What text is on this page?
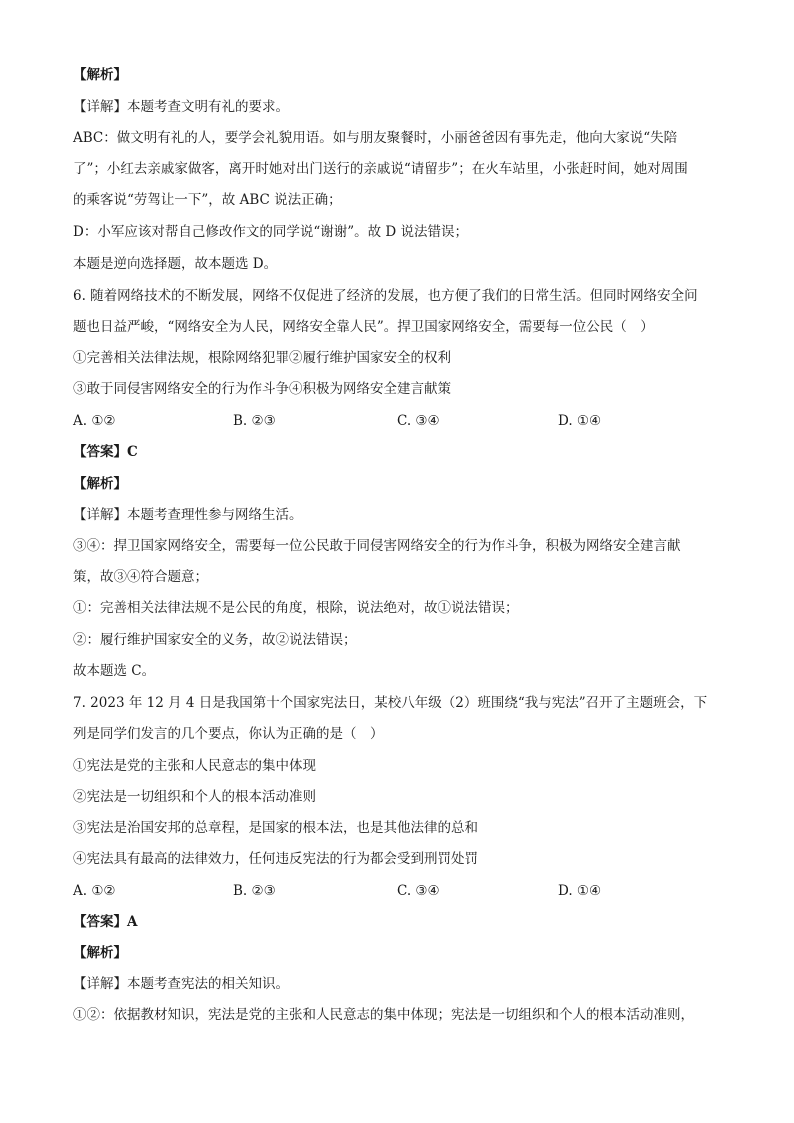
【解析】
【详解】本题考查文明有礼的要求。
ABC：做文明有礼的人，要学会礼貌用语。如与朋友聚餐时，小丽爸爸因有事先走，他向大家说“失陪
了”；小红去亲戚家做客，离开时她对出门送行的亲戚说“请留步”；在火车站里，小张赶时间，她对周围
的乘客说“劳驾让一下”，故 ABC 说法正确；
D：小军应该对帮自己修改作文的同学说“谢谢”。故 D 说法错误；
本题是逆向选择题，故本题选 D。
6. 随着网络技术的不断发展，网络不仅促进了经济的发展，也方便了我们的日常生活。但同时网络安全问
题也日益严峻，“网络安全为人民，网络安全靠人民”。捍卫国家网络安全，需要每一位公民（　）
①完善相关法律法规，根除网络犯罪②履行维护国家安全的权利
③敢于同侵害网络安全的行为作斗争④积极为网络安全建言献策
A. ①②	B. ②③	C. ③④	D. ①④
【答案】C
【解析】
【详解】本题考查理性参与网络生活。
③④：捍卫国家网络安全，需要每一位公民敢于同侵害网络安全的行为作斗争，积极为网络安全建言献
策，故③④符合题意；
①：完善相关法律法规不是公民的角度，根除，说法绝对，故①说法错误；
②：履行维护国家安全的义务，故②说法错误；
故本题选 C。
7. 2023 年 12 月 4 日是我国第十个国家宪法日，某校八年级（2）班围绕“我与宪法”召开了主题班会，下
列是同学们发言的几个要点，你认为正确的是（　）
①宪法是党的主张和人民意志的集中体现
②宪法是一切组织和个人的根本活动准则
③宪法是治国安邦的总章程，是国家的根本法，也是其他法律的总和
④宪法具有最高的法律效力，任何违反宪法的行为都会受到刑罚处罚
A. ①②	B. ②③	C. ③④	D. ①④
【答案】A
【解析】
【详解】本题考查宪法的相关知识。
①②：依据教材知识，宪法是党的主张和人民意志的集中体现；宪法是一切组织和个人的根本活动准则，
